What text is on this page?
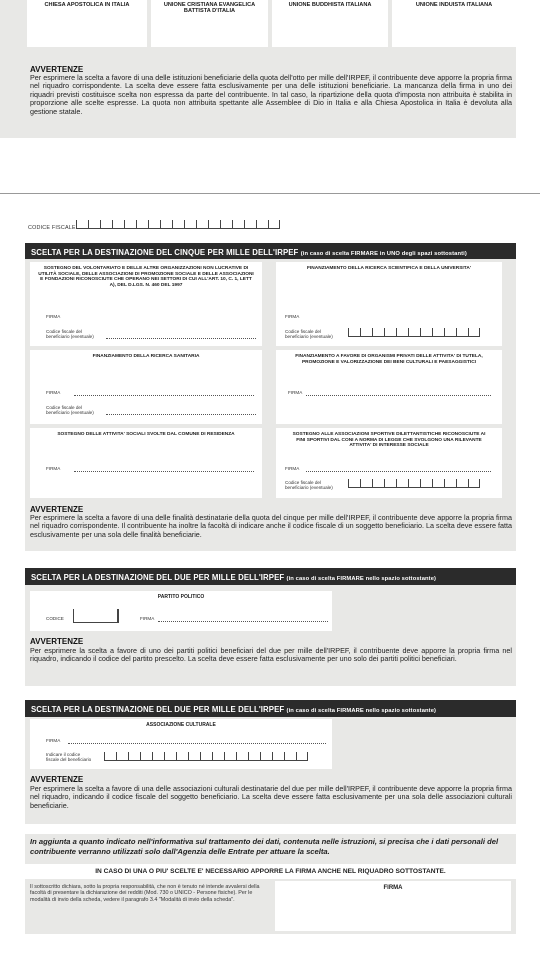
CHIESA APOSTOLICA IN ITALIA	UNIONE CRISTIANA EVANGELICA BATTISTA D'ITALIA
UNIONE BUDDHISTA ITALIANA	UNIONE INDUISTA ITALIANA
AVVERTENZE
Per esprimere la scelta a favore di una delle istituzioni beneficiarie della quota dell'otto per mille dell'IRPEF, il contribuente deve apporre la propria firma nel riquadro corrispondente. La scelta deve essere fatta esclusivamente per una delle istituzioni beneficiarie. La mancanza della firma in uno dei riquadri previsti costituisce scelta non espressa da parte del contribuente. In tal caso, la ripartizione della quota d'imposta non attribuita è stabilita in proporzione alle scelte espresse. La quota non attribuita spettante alle Assemblee di Dio in Italia e alla Chiesa Apostolica in Italia è devoluta alla gestione statale.
CODICE FISCALE
SCELTA PER LA DESTINAZIONE DEL CINQUE PER MILLE DELL'IRPEF (in caso di scelta FIRMARE in UNO degli spazi sottostanti)
SOSTEGNO DEL VOLONTARIATO E DELLE ALTRE ORGANIZZAZIONI NON LUCRATIVE DI UTILITÀ SOCIALE, DELLE ASSOCIAZIONI DI PROMOZIONE SOCIALE E DELLE ASSOCIAZIONI E FONDAZIONI RICONOSCIUTE CHE OPERANO NEI SETTORI DI CUI ALL'ART. 10, C. 1, LETT A), DEL D.LGS. N. 460 DEL 1997
FIRMA
Codice fiscale del beneficiario (eventuale)
FINANZIAMENTO DELLA RICERCA SCIENTIFICA E DELLA UNIVERSITA'
FIRMA
Codice fiscale del beneficiario (eventuale)
FINANZIAMENTO DELLA RICERCA SANITARIA
FIRMA
Codice fiscale del beneficiario (eventuale)
FINANZIAMENTO A FAVORE DI ORGANISMI PRIVATI DELLE ATTIVITA' DI TUTELA, PROMOZIONE E VALORIZZAZIONE DEI BENI CULTURALI E PAESAGGISTICI
FIRMA
SOSTEGNO DELLE ATTIVITA' SOCIALI SVOLTE DAL COMUNE DI RESIDENZA
FIRMA
SOSTEGNO ALLE ASSOCIAZIONI SPORTIVE DILETTANTISTICHE RICONOSCIUTE AI FINI SPORTIVI DAL CONI A NORMA DI LEGGE CHE SVOLGONO UNA RILEVANTE ATTIVITA' DI INTERESSE SOCIALE
FIRMA
Codice fiscale del beneficiario (eventuale)
AVVERTENZE
Per esprimere la scelta a favore di una delle finalità destinatarie della quota del cinque per mille dell'IRPEF, il contribuente deve apporre la propria firma nel riquadro corrispondente. Il contribuente ha inoltre la facoltà di indicare anche il codice fiscale di un soggetto beneficiario. La scelta deve essere fatta esclusivamente per una sola delle finalità beneficiarie.
SCELTA PER LA DESTINAZIONE DEL DUE PER MILLE DELL'IRPEF (in caso di scelta FIRMARE nello spazio sottostante)
PARTITO POLITICO
CODICE	FIRMA
AVVERTENZE
Per esprimere la scelta a favore di uno dei partiti politici beneficiari del due per mille dell'IRPEF, il contribuente deve apporre la propria firma nel riquadro, indicando il codice del partito prescelto. La scelta deve essere fatta esclusivamente per uno solo dei partiti politici beneficiari.
SCELTA PER LA DESTINAZIONE DEL DUE PER MILLE DELL'IRPEF (in caso di scelta FIRMARE nello spazio sottostante)
ASSOCIAZIONE CULTURALE
FIRMA
Indicare il codice fiscale del beneficiario
AVVERTENZE
Per esprimere la scelta a favore di una delle associazioni culturali destinatarie del due per mille dell'IRPEF, il contribuente deve apporre la propria firma nel riquadro, indicando il codice fiscale del soggetto beneficiario. La scelta deve essere fatta esclusivamente per una sola delle associazioni culturali beneficiarie.
In aggiunta a quanto indicato nell'informativa sul trattamento dei dati, contenuta nelle istruzioni, si precisa che i dati personali del contribuente verranno utilizzati solo dall'Agenzia delle Entrate per attuare la scelta.
IN CASO DI UNA O PIU' SCELTE E' NECESSARIO APPORRE LA FIRMA ANCHE NEL RIQUADRO SOTTOSTANTE.
Il sottoscritto dichiara, sotto la propria responsabilità, che non è tenuto né intende avvalersi della facoltà di presentare la dichiarazione dei redditi (Mod. 730 o UNICO - Persone fisiche). Per le modalità di invio della scheda, vedere il paragrafo 3.4 "Modalità di invio della scheda".
FIRMA
